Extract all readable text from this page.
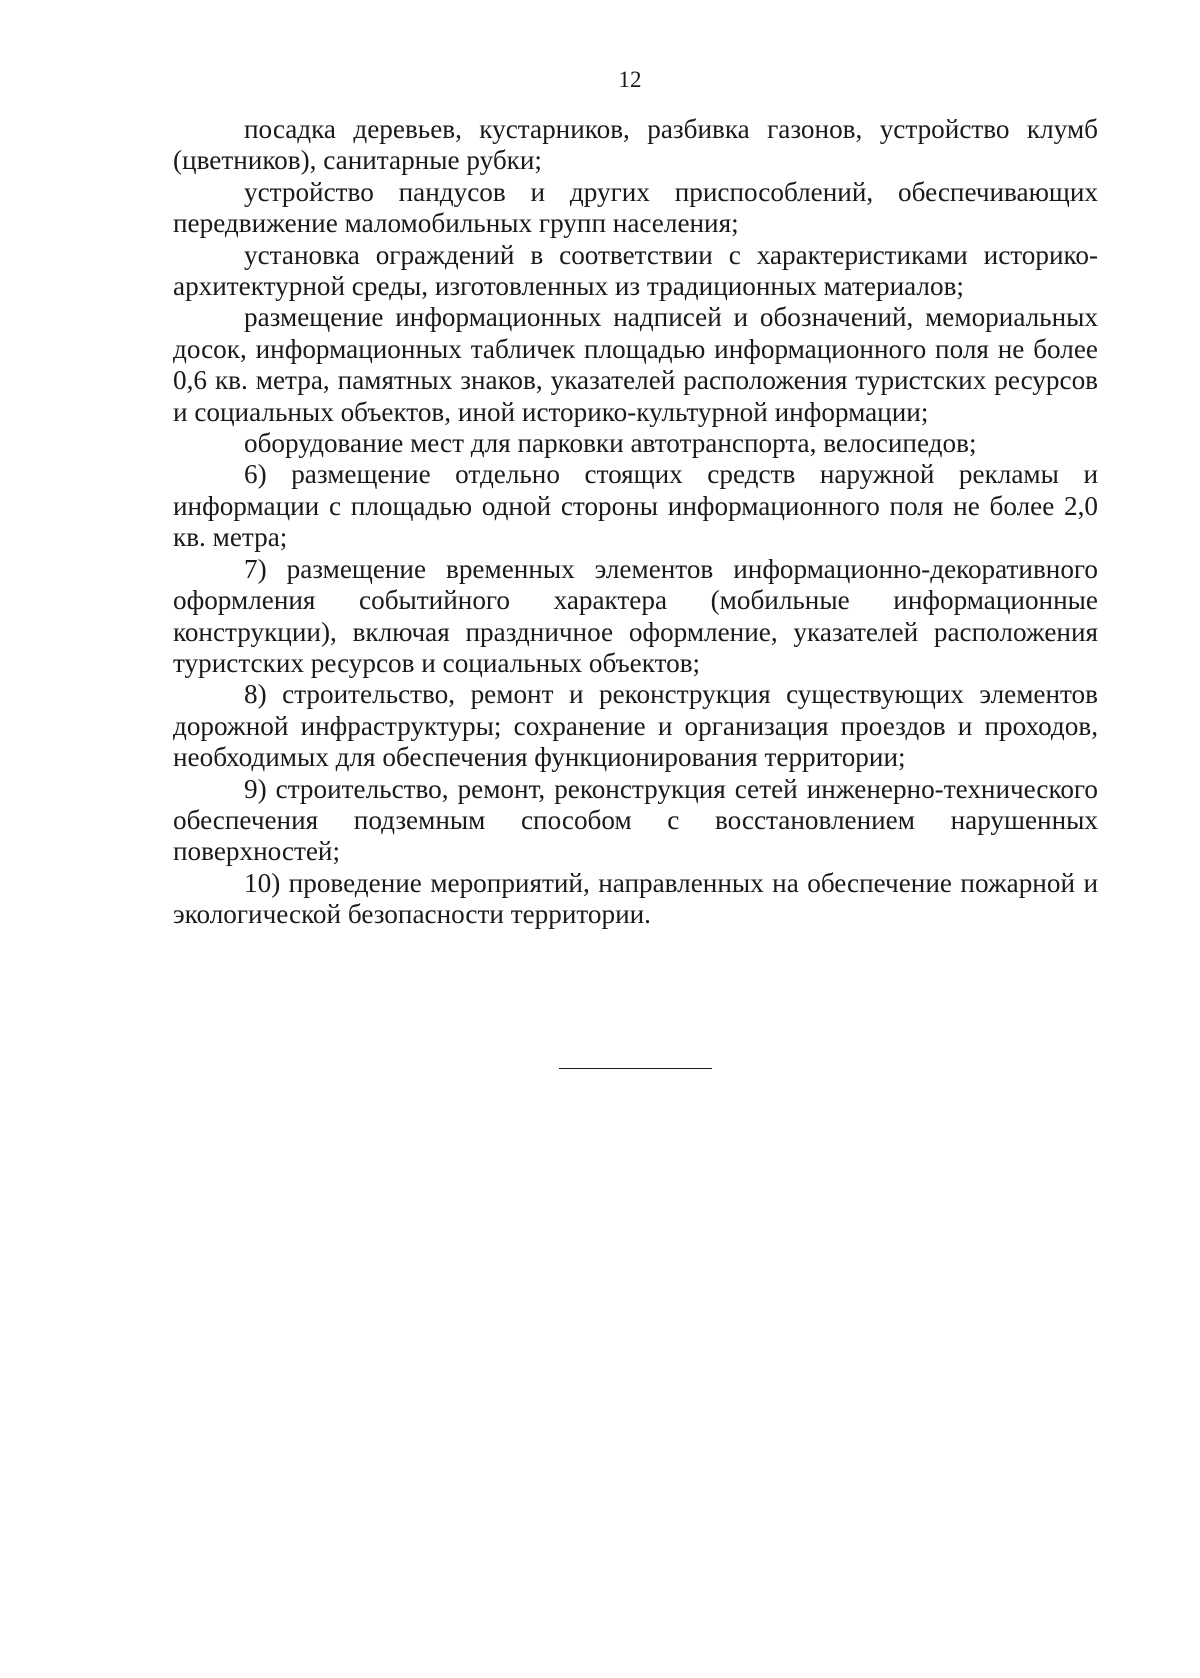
12

посадка деревьев, кустарников, разбивка газонов, устройство клумб (цветников), санитарные рубки;

устройство пандусов и других приспособлений, обеспечивающих передвижение маломобильных групп населения;

установка ограждений в соответствии с характеристиками историко-архитектурной среды, изготовленных из традиционных материалов;

размещение информационных надписей и обозначений, мемориальных досок, информационных табличек площадью информационного поля не более 0,6 кв. метра, памятных знаков, указателей расположения туристских ресурсов и социальных объектов, иной историко-культурной информации;

оборудование мест для парковки автотранспорта, велосипедов;

6) размещение отдельно стоящих средств наружной рекламы и информации с площадью одной стороны информационного поля не более 2,0 кв. метра;

7) размещение временных элементов информационно-декоративного оформления событийного характера (мобильные информационные конструкции), включая праздничное оформление, указателей расположения туристских ресурсов и социальных объектов;

8) строительство, ремонт и реконструкция существующих элементов дорожной инфраструктуры; сохранение и организация проездов и проходов, необходимых для обеспечения функционирования территории;

9) строительство, ремонт, реконструкция сетей инженерно-технического обеспечения подземным способом с восстановлением нарушенных поверхностей;

10) проведение мероприятий, направленных на обеспечение пожарной и экологической безопасности территории.
